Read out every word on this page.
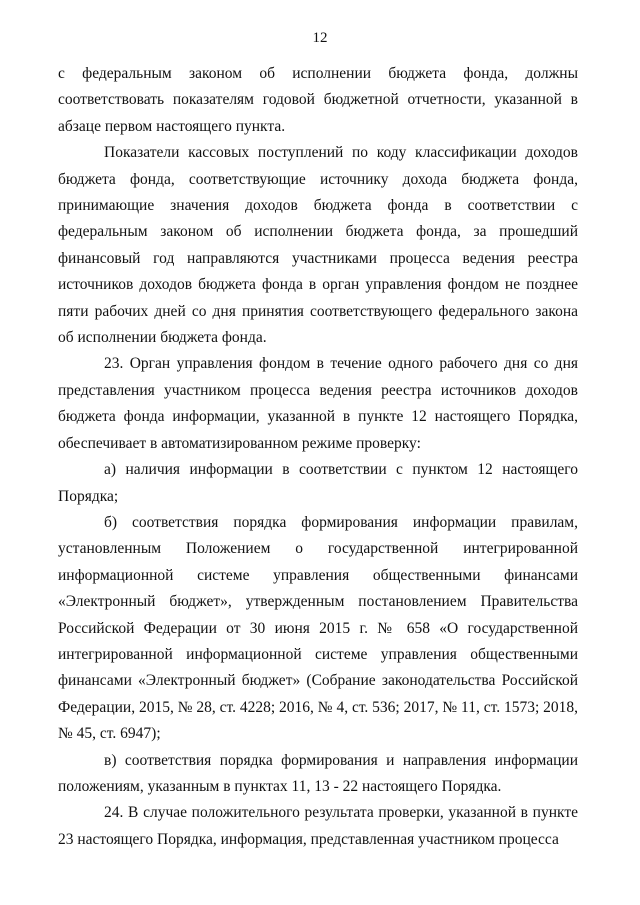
12

с федеральным законом об исполнении бюджета фонда, должны соответствовать показателям годовой бюджетной отчетности, указанной в абзаце первом настоящего пункта.

Показатели кассовых поступлений по коду классификации доходов бюджета фонда, соответствующие источнику дохода бюджета фонда, принимающие значения доходов бюджета фонда в соответствии с федеральным законом об исполнении бюджета фонда, за прошедший финансовый год направляются участниками процесса ведения реестра источников доходов бюджета фонда в орган управления фондом не позднее пяти рабочих дней со дня принятия соответствующего федерального закона об исполнении бюджета фонда.

23. Орган управления фондом в течение одного рабочего дня со дня представления участником процесса ведения реестра источников доходов бюджета фонда информации, указанной в пункте 12 настоящего Порядка, обеспечивает в автоматизированном режиме проверку:

а) наличия информации в соответствии с пунктом 12 настоящего Порядка;

б) соответствия порядка формирования информации правилам, установленным Положением о государственной интегрированной информационной системе управления общественными финансами «Электронный бюджет», утвержденным постановлением Правительства Российской Федерации от 30 июня 2015 г. № 658 «О государственной интегрированной информационной системе управления общественными финансами «Электронный бюджет» (Собрание законодательства Российской Федерации, 2015, № 28, ст. 4228; 2016, № 4, ст. 536; 2017, № 11, ст. 1573; 2018, № 45, ст. 6947);

в) соответствия порядка формирования и направления информации положениям, указанным в пунктах 11, 13 - 22 настоящего Порядка.

24. В случае положительного результата проверки, указанной в пункте 23 настоящего Порядка, информация, представленная участником процесса
